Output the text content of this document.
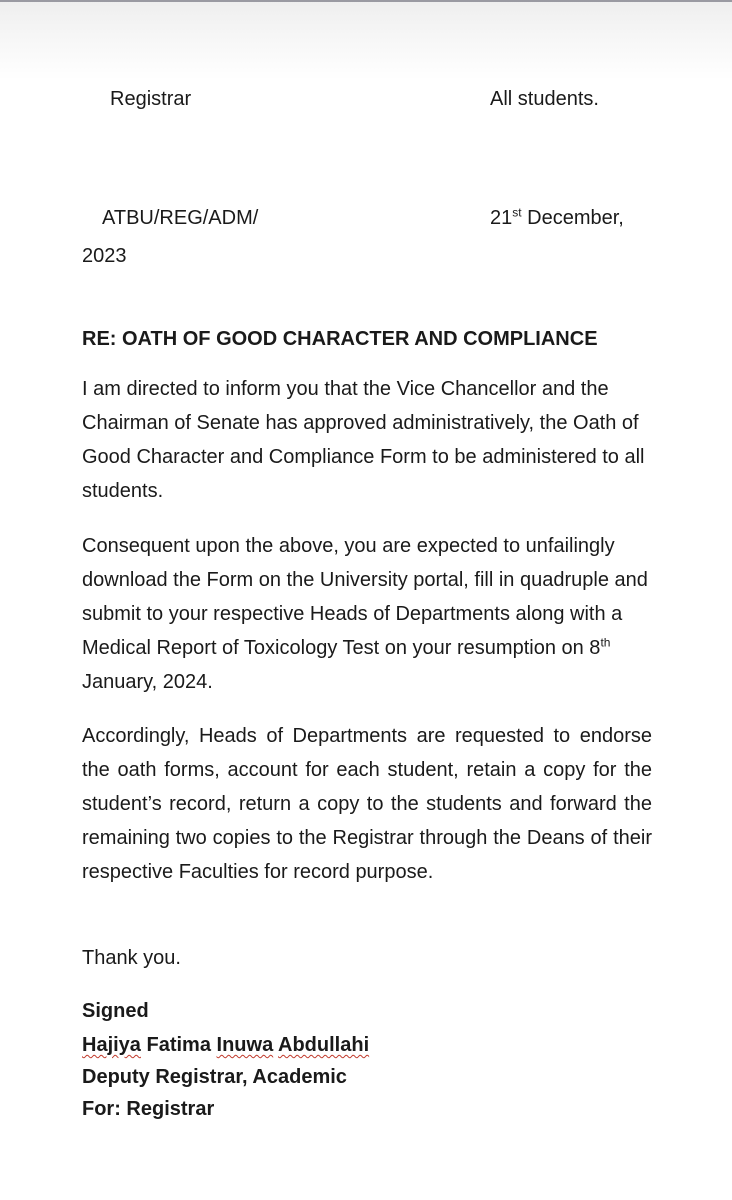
Registrar	All students.
ATBU/REG/ADM/	21st December,
2023
RE: OATH OF GOOD CHARACTER AND COMPLIANCE
I am directed to inform you that the Vice Chancellor and the Chairman of Senate has approved administratively, the Oath of Good Character and Compliance Form to be administered to all students.
Consequent upon the above, you are expected to unfailingly download the Form on the University portal, fill in quadruple and submit to your respective Heads of Departments along with a Medical Report of Toxicology Test on your resumption on 8th January, 2024.
Accordingly, Heads of Departments are requested to endorse the oath forms, account for each student, retain a copy for the student’s record, return a copy to the students and forward the remaining two copies to the Registrar through the Deans of their respective Faculties for record purpose.
Thank you.
Signed
Hajiya Fatima Inuwa Abdullahi
Deputy Registrar, Academic
For: Registrar
